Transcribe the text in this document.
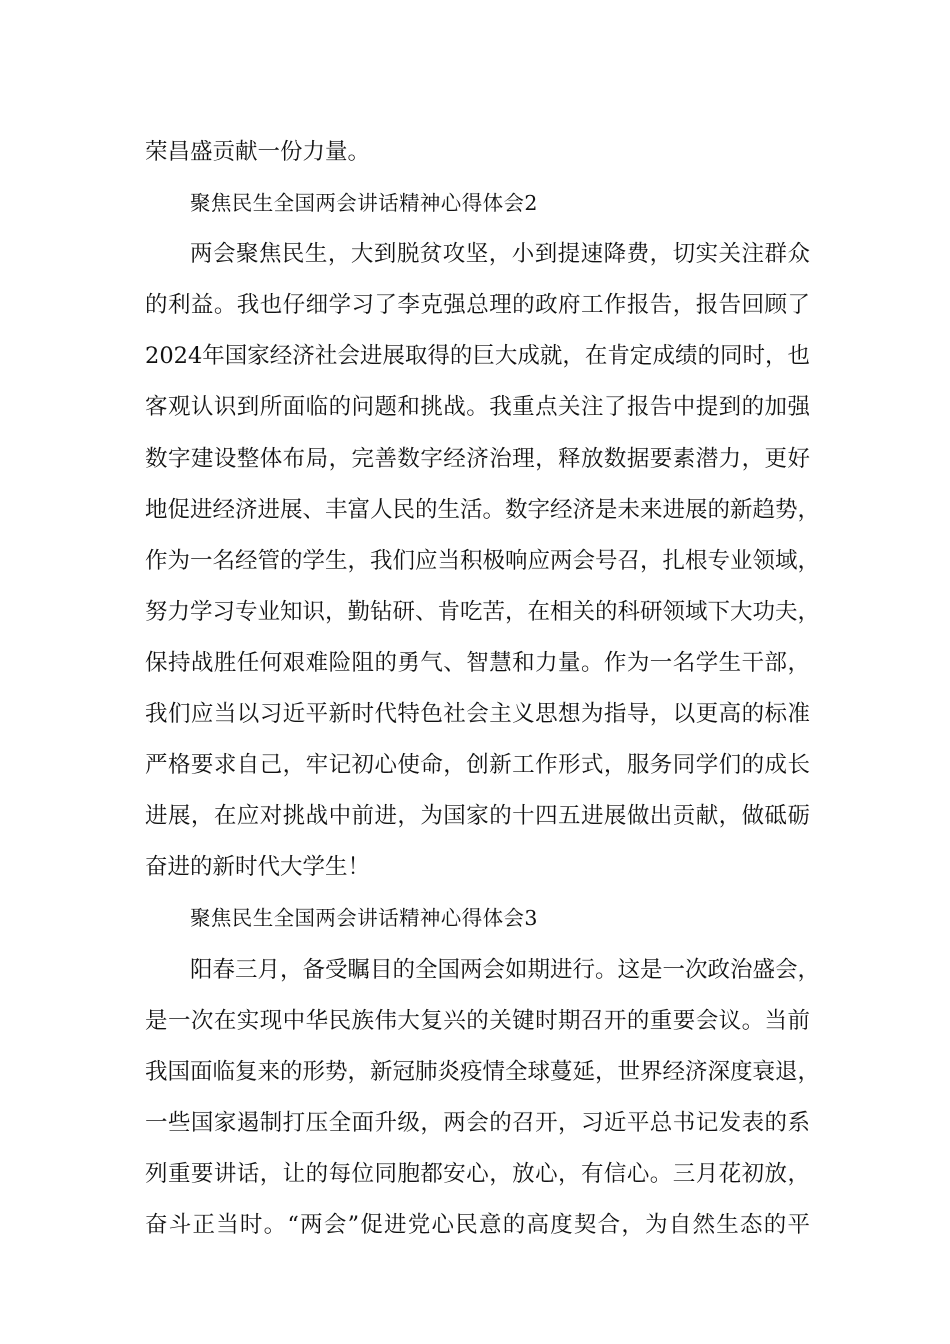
荣昌盛贡献一份力量。
聚焦民生全国两会讲话精神心得体会2
两会聚焦民生，大到脱贫攻坚，小到提速降费，切实关注群众
的利益。我也仔细学习了李克强总理的政府工作报告，报告回顾了
2024年国家经济社会进展取得的巨大成就，在肯定成绩的同时，也
客观认识到所面临的问题和挑战。我重点关注了报告中提到的加强
数字建设整体布局，完善数字经济治理，释放数据要素潜力，更好
地促进经济进展、丰富人民的生活。数字经济是未来进展的新趋势，
作为一名经管的学生，我们应当积极响应两会号召，扎根专业领域，
努力学习专业知识，勤钻研、肯吃苦，在相关的科研领域下大功夫，
保持战胜任何艰难险阻的勇气、智慧和力量。作为一名学生干部，
我们应当以习近平新时代特色社会主义思想为指导，以更高的标准
严格要求自己，牢记初心使命，创新工作形式，服务同学们的成长
进展，在应对挑战中前进，为国家的十四五进展做出贡献，做砥砺
奋进的新时代大学生！
聚焦民生全国两会讲话精神心得体会3
阳春三月，备受瞩目的全国两会如期进行。这是一次政治盛会，
是一次在实现中华民族伟大复兴的关键时期召开的重要会议。当前
我国面临复来的形势，新冠肺炎疫情全球蔓延，世界经济深度衰退，
一些国家遏制打压全面升级，两会的召开，习近平总书记发表的系
列重要讲话，让的每位同胞都安心，放心，有信心。三月花初放，
奋斗正当时。“两会”促进党心民意的高度契合，为自然生态的平
